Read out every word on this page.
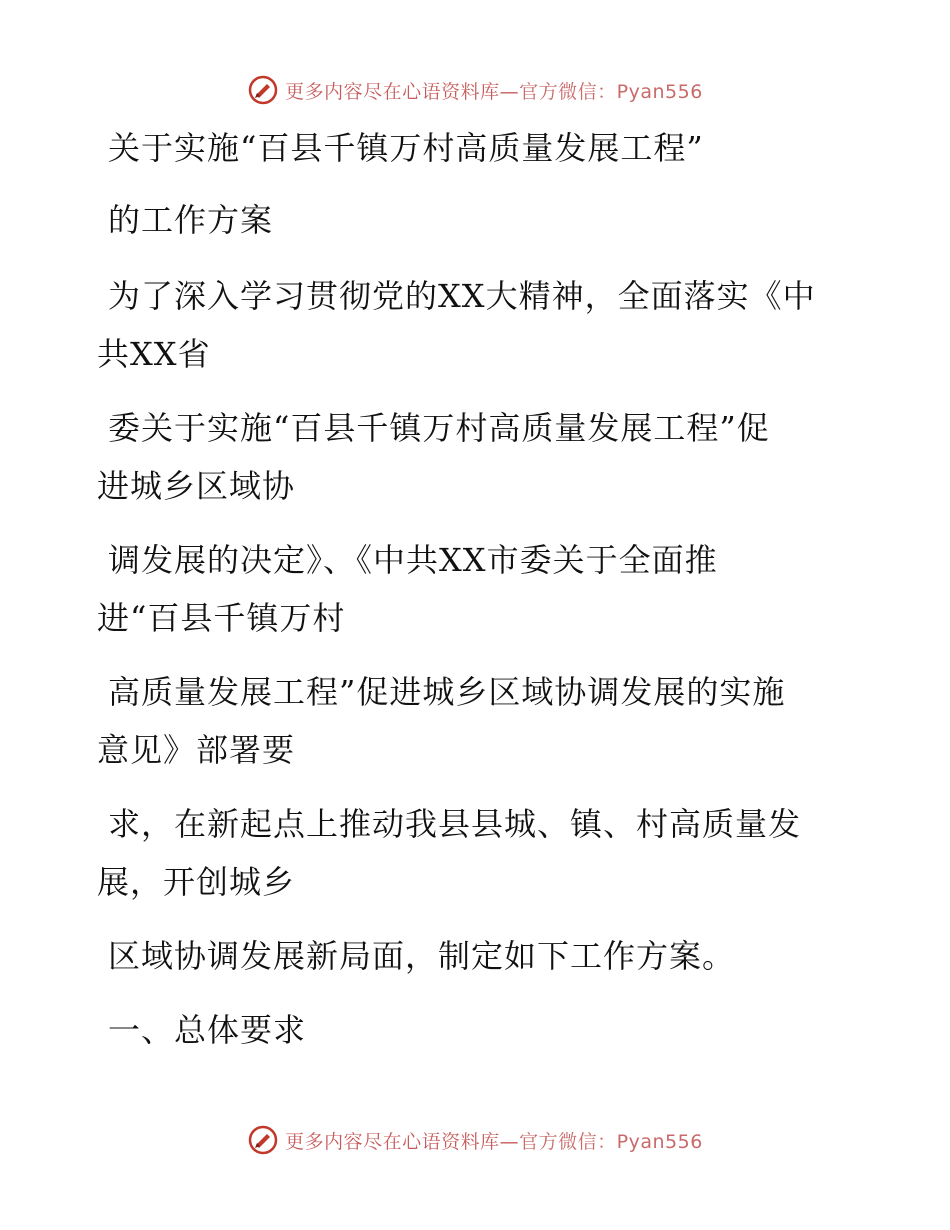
更多内容尽在心语资料库—官方微信：Pyan556
关于实施“百县千镇万村高质量发展工程”
的工作方案
为了深入学习贯彻党的XX大精神，全面落实《中
共XX省
委关于实施“百县千镇万村高质量发展工程”促
进城乡区域协
调发展的决定》、《中共XX市委关于全面推
进“百县千镇万村
高质量发展工程”促进城乡区域协调发展的实施
意见》部署要
求，在新起点上推动我县县城、镇、村高质量发
展，开创城乡
区域协调发展新局面，制定如下工作方案。
一、总体要求
更多内容尽在心语资料库—官方微信：Pyan556
